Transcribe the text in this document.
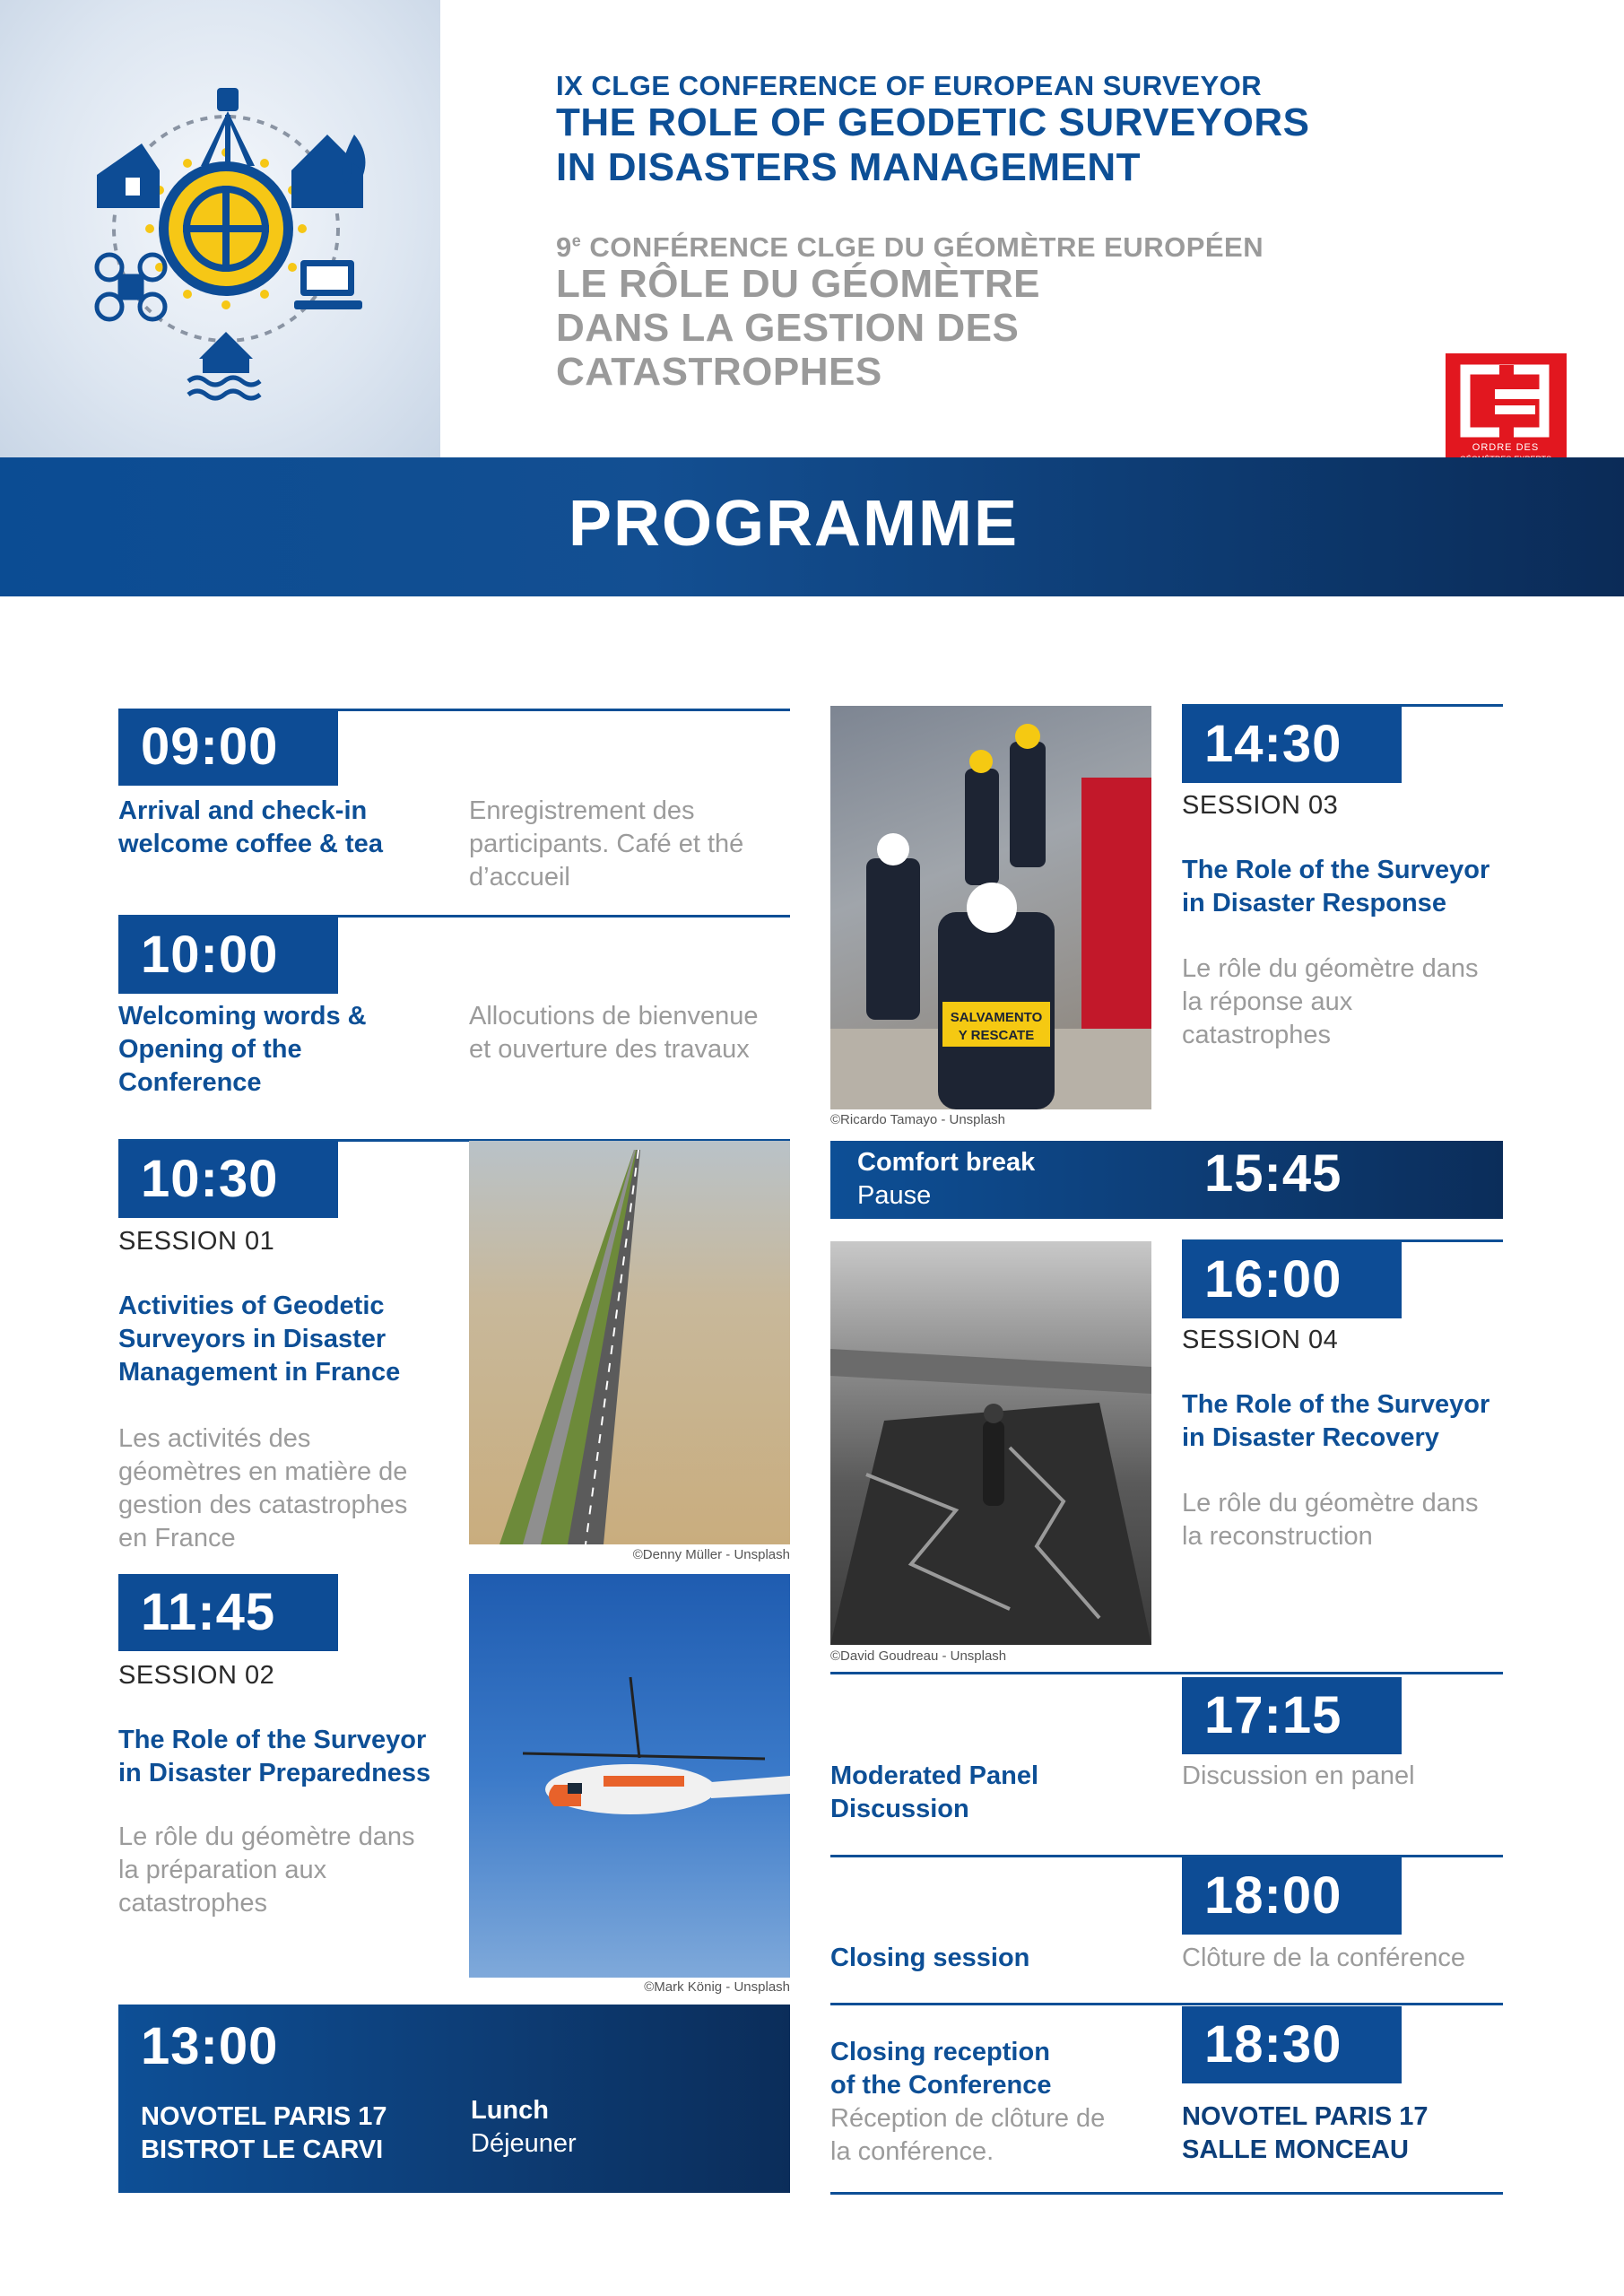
IX CLGE CONFERENCE OF EUROPEAN SURVEYOR
THE ROLE OF GEODETIC SURVEYORS
IN DISASTERS MANAGEMENT
9e CONFÉRENCE CLGE DU GÉOMÈTRE EUROPÉEN
LE RÔLE DU GÉOMÈTRE
DANS LA GESTION DES
CATASTROPHES
ORDRE DES
PROGRAMME
09:00
Arrival and check-in
welcome coffee & tea
Enregistrement des
participants. Café et thé
d’accueil
10:00
Welcoming words &
Opening of the
Conference
Allocutions de bienvenue
et ouverture des travaux
10:30
SESSION 01
Activities of Geodetic
Surveyors in Disaster
Management in France
Les activités des
géomètres en matière de
gestion des catastrophes
en France
©Denny Müller - Unsplash
11:45
SESSION 02
The Role of the Surveyor
in Disaster Preparedness
Le rôle du géomètre dans
la préparation aux
catastrophes
©Mark König - Unsplash
13:00
NOVOTEL PARIS 17
BISTROT LE CARVI
Lunch
Déjeuner
SALVAMENTO
Y RESCATE
©Ricardo Tamayo - Unsplash
14:30
SESSION 03
The Role of the Surveyor
in Disaster Response
Le rôle du géomètre dans
la réponse aux
catastrophes
Comfort break
Pause	15:45
©David Goudreau - Unsplash
16:00
SESSION 04
The Role of the Surveyor
in Disaster Recovery
Le rôle du géomètre dans
la reconstruction
17:15
Moderated Panel
Discussion
Discussion en panel
18:00
Closing session	Clôture de la conférence
18:30
Closing reception
of the Conference
Réception de clôture de
la conférence.
NOVOTEL PARIS 17
SALLE MONCEAU
